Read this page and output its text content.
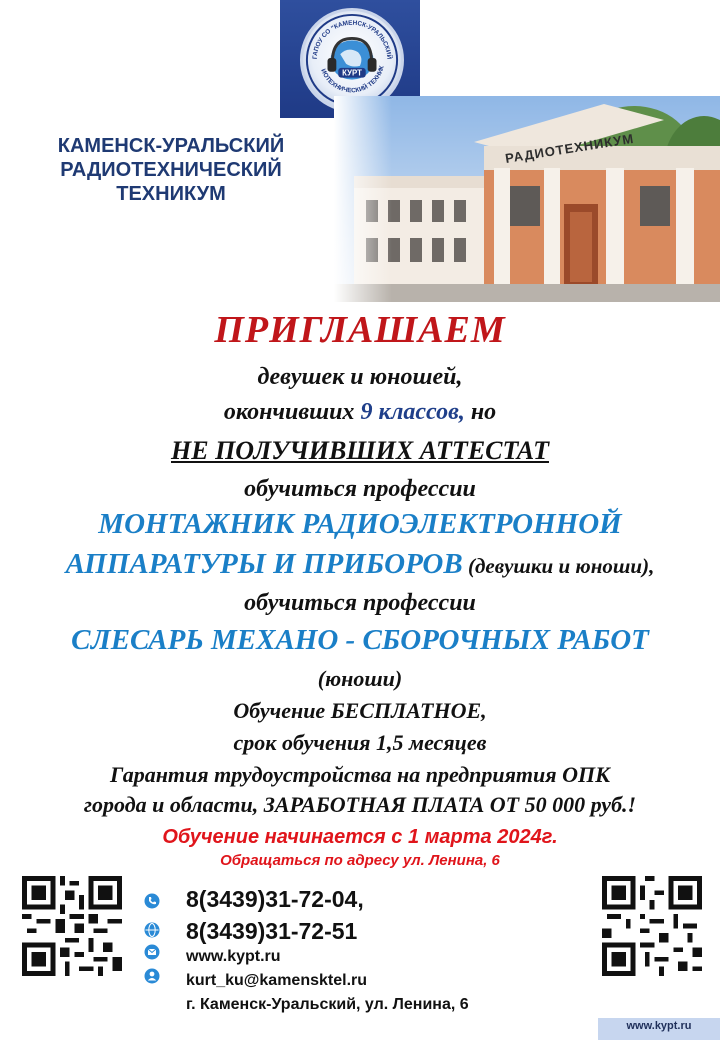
ГАПОУ СО "КАМЕНСК-УРАЛЬСКИЙ
ИОТЕХНИЧЕСКИЙ ТЕХНИК
КУРТ
КАМЕНСК-УРАЛЬСКИЙ
РАДИОТЕХНИЧЕСКИЙ
ТЕХНИКУМ
ПРИГЛАШАЕМ
девушек и юношей,
окончивших 9 классов, но
НЕ ПОЛУЧИВШИХ АТТЕСТАТ
обучиться профессии
МОНТАЖНИК РАДИОЭЛЕКТРОННОЙ
АППАРАТУРЫ И ПРИБОРОВ (девушки и юноши),
обучиться профессии
СЛЕСАРЬ МЕХАНО - СБОРОЧНЫХ РАБОТ
(юноши)
Обучение БЕСПЛАТНОЕ,
срок обучения 1,5 месяцев
Гарантия трудоустройства на предприятия ОПК
города и области, ЗАРАБОТНАЯ ПЛАТА ОТ 50 000 руб.!
Обучение начинается с 1 марта 2024г.
Обращаться по адресу ул. Ленина, 6
8(3439)31-72-04,
8(3439)31-72-51
www.kypt.ru
kurt_ku@kamensktel.ru
г. Каменск-Уральский, ул. Ленина, 6
www.kypt.ru
